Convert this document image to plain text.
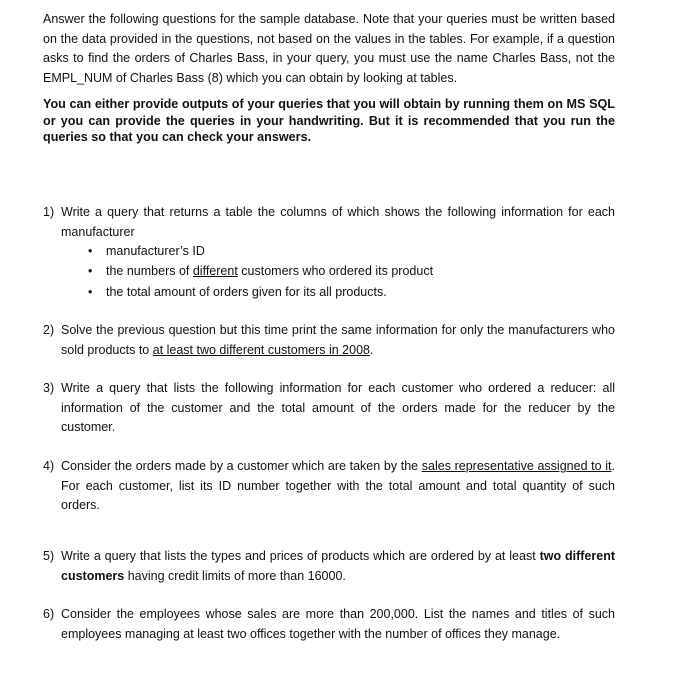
Answer the following questions for the sample database. Note that your queries must be written based on the data provided in the questions, not based on the values in the tables. For example, if a question asks to find the orders of Charles Bass, in your query, you must use the name Charles Bass, not the EMPL_NUM of Charles Bass (8) which you can obtain by looking at tables.

You can either provide outputs of your queries that you will obtain by running them on MS SQL or you can provide the queries in your handwriting. But it is recommended that you run the queries so that you can check your answers.

1) Write a query that returns a table the columns of which shows the following information for each manufacturer
• manufacturer’s ID
• the numbers of different customers who ordered its product
• the total amount of orders given for its all products.
2) Solve the previous question but this time print the same information for only the manufacturers who sold products to at least two different customers in 2008.
3) Write a query that lists the following information for each customer who ordered a reducer: all information of the customer and the total amount of the orders made for the reducer by the customer.
4) Consider the orders made by a customer which are taken by the sales representative assigned to it. For each customer, list its ID number together with the total amount and total quantity of such orders.
5) Write a query that lists the types and prices of products which are ordered by at least two different customers having credit limits of more than 16000.
6) Consider the employees whose sales are more than 200,000. List the names and titles of such employees managing at least two offices together with the number of offices they manage.
